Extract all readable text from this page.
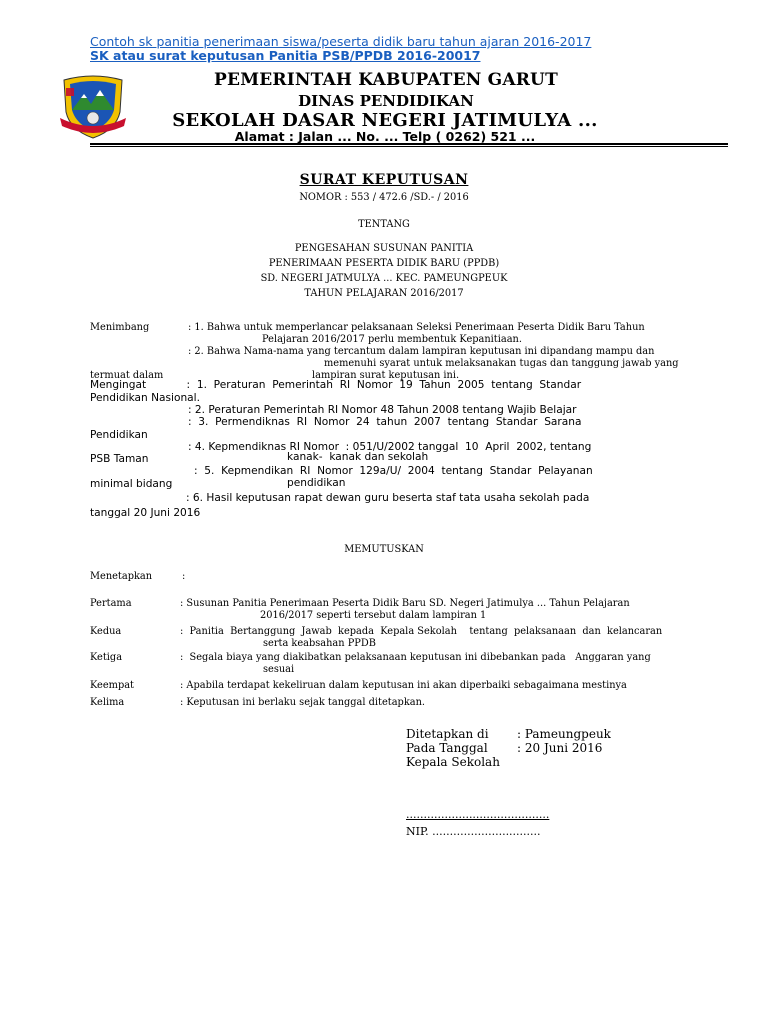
Contoh sk panitia penerimaan siswa/peserta didik baru tahun ajaran 2016-2017
SK atau surat keputusan Panitia PSB/PPDB 2016-20017
PEMERINTAH KABUPATEN GARUT
DINAS PENDIDIKAN
SEKOLAH DASAR NEGERI JATIMULYA ...
Alamat : Jalan ... No. ... Telp ( 0262) 521 ...
SURAT KEPUTUSAN
NOMOR : 553 / 472.6 /SD.- / 2016
TENTANG
PENGESAHAN SUSUNAN PANITIA
PENERIMAAN PESERTA DIDIK BARU (PPDB)
SD. NEGERI JATMULYA ... KEC. PAMEUNGPEUK
TAHUN PELAJARAN 2016/2017
Menimbang	: 1. Bahwa untuk memperlancar pelaksanaan Seleksi Penerimaan Peserta Didik Baru Tahun
Pelajaran 2016/2017 perlu membentuk Kepanitiaan.
: 2. Bahwa Nama-nama yang tercantum dalam lampiran keputusan ini dipandang mampu dan
memenuhi syarat untuk melaksanakan tugas dan tanggung jawab yang
termuat dalam	lampiran surat keputusan ini.
Mengingat            :  1.  Peraturan  Pemerintah  RI  Nomor  19  Tahun  2005  tentang  Standar
Pendidikan Nasional.
: 2. Peraturan Pemerintah RI Nomor 48 Tahun 2008 tentang Wajib Belajar
:  3.  Permendiknas  RI  Nomor  24  tahun  2007  tentang  Standar  Sarana
Pendidikan
: 4. Kepmendiknas RI Nomor  : 051/U/2002 tanggal  10  April  2002, tentang
PSB Taman	kanak-  kanak dan sekolah
:  5.  Kepmendikan  RI  Nomor  129a/U/  2004  tentang  Standar  Pelayanan
minimal bidang	pendidikan
: 6. Hasil keputusan rapat dewan guru beserta staf tata usaha sekolah pada
tanggal 20 Juni 2016
MEMUTUSKAN
Menetapkan	:
Pertama	: Susunan Panitia Penerimaan Peserta Didik Baru SD. Negeri Jatimulya ... Tahun Pelajaran
2016/2017 seperti tersebut dalam lampiran 1
Kedua	:  Panitia  Bertanggung  Jawab  kepada  Kepala Sekolah    tentang  pelaksanaan  dan  kelancaran
serta keabsahan PPDB
Ketiga	:  Segala biaya yang diakibatkan pelaksanaan keputusan ini dibebankan pada   Anggaran yang
sesuai
Keempat	: Apabila terdapat kekeliruan dalam keputusan ini akan diperbaiki sebagaimana mestinya
Kelima	: Keputusan ini berlaku sejak tanggal ditetapkan.
Ditetapkan di : Pameungpeuk
Pada Tanggal : 20 Juni 2016
Kepala Sekolah
.........................................
NIP. ...............................
